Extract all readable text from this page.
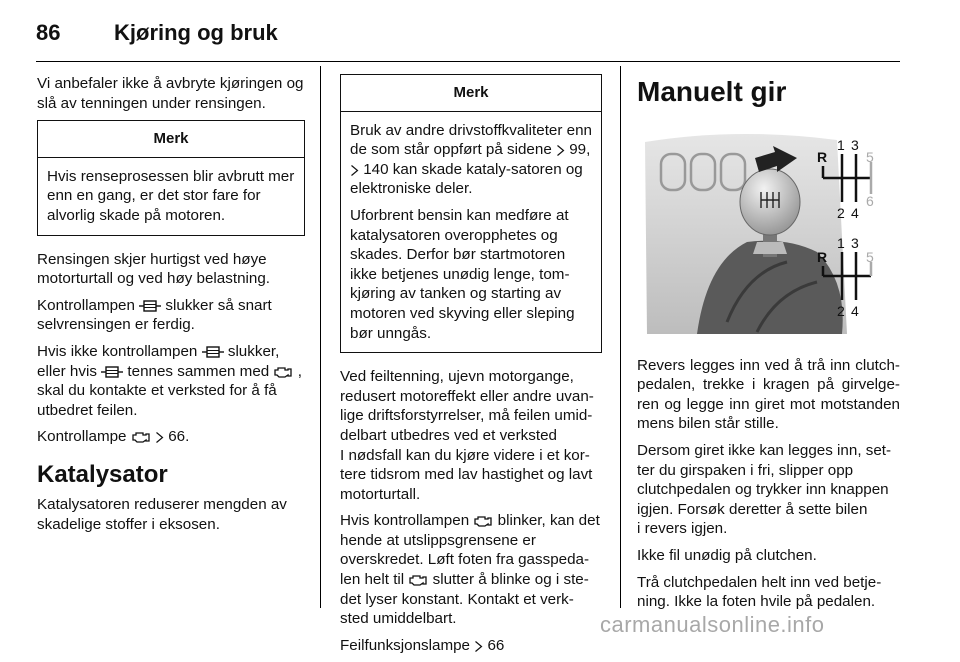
86 Kjøring og bruk

Vi anbefaler ikke å avbryte kjøringen og slå av tenningen under rensingen.

Merk

Hvis renseprosessen blir avbrutt mer enn en gang, er det stor fare for alvorlig skade på motoren.

Rensingen skjer hurtigst ved høye motorturtall og ved høy belastning.

Kontrollampen slukker så snart selvrensingen er ferdig.

Hvis ikke kontrollampen slukker, eller hvis tennes sammen med , skal du kontakte et verksted for å få utbedret feilen.

Kontrollampe	66.

Katalysator

Katalysatoren reduserer mengden av skadelige stoffer i eksosen.

Merk

Bruk av andre drivstoffkvaliteter enn de som står oppført på sidene 99,  140 kan skade kataly-satoren og elektroniske deler.

Uforbrent bensin kan medføre at katalysatoren overopphetes og skades. Derfor bør startmotoren ikke betjenes unødig lenge, tom-kjøring av tanken og starting av motoren ved skyving eller sleping bør unngås.

Ved feiltenning, ujevn motorgange, redusert motoreffekt eller andre uvan-lige driftsforstyrrelser, må feilen umid-delbart utbedres ved et verksted

I nødsfall kan du kjøre videre i et kor-tere tidsrom med lav hastighet og lavt motorturtall.

Hvis kontrollampen blinker, kan det hende at utslippsgrensene er overskredet. Løft foten fra gasspeda-len helt til slutter å blinke og i ste-det lyser konstant. Kontakt et verk-sted umiddelbart.

Feilfunksjonslampe 66

Manuelt gir
1 3
5
R
2 4
6
1 3
5
R
2 4

Revers legges inn ved å trå inn clutch-pedalen, trekke i kragen på girvelge-ren og legge inn giret mot motstanden mens bilen står stille.

Dersom giret ikke kan legges inn, set-ter du girspaken i fri, slipper opp clutchpedalen og trykker inn knappen igjen. Forsøk deretter å sette bilen

i revers igjen.

Ikke fil unødig på clutchen.

Trå clutchpedalen helt inn ved betje-ning. Ikke la foten hvile på pedalen.

carmanualsonline.info
